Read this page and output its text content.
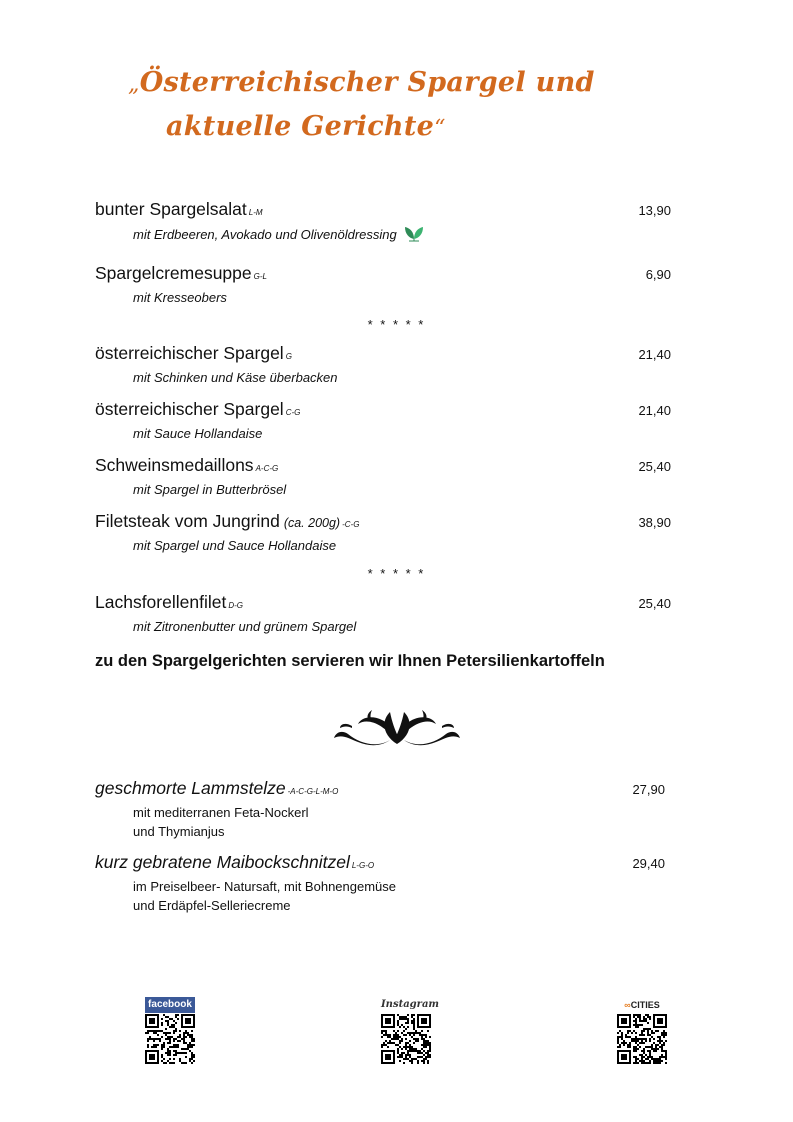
„Österreichischer Spargel und
aktuelle Gerichte“
bunter Spargelsalat L-M	13,90
mit Erdbeeren, Avokado und Olivenöldressing
Spargelcremesuppe G-L	6,90
mit Kresseobers
* * * * *
österreichischer Spargel G	21,40
mit Schinken und Käse überbacken
österreichischer Spargel C-G	21,40
mit Sauce Hollandaise
Schweinsmedaillons A-C-G	25,40
mit Spargel in Butterbrösel
Filetsteak vom Jungrind (ca. 200g) -C-G	38,90
mit Spargel und Sauce Hollandaise
* * * * *
Lachsforellenfilet D-G	25,40
mit Zitronenbutter und grünem Spargel
zu den Spargelgerichten servieren wir Ihnen Petersilienkartoffeln
geschmorte Lammstelze -A-C-G-L-M-O	27,90
mit mediterranen Feta-Nockerl
und Thymianjus
kurz gebratene Maibockschnitzel L-G-O	29,40
im Preiselbeer- Natursaft, mit Bohnengemüse
und Erdäpfel-Selleriecreme
facebook	Instagram	∞CITIES
